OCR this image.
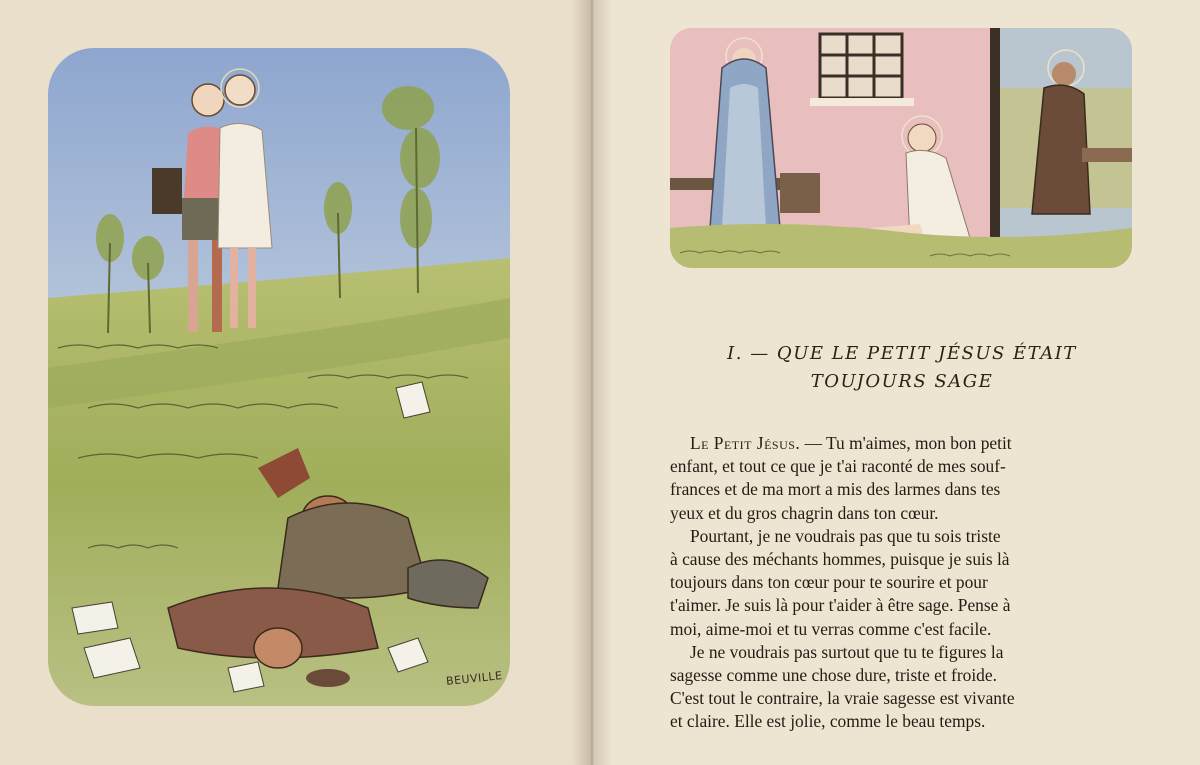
BEUVILLE
I. — QUE LE PETIT JÉSUS ÉTAIT
TOUJOURS SAGE

Le Petit Jésus. — Tu m'aimes, mon bon petit
enfant, et tout ce que je t'ai raconté de mes souf-
frances et de ma mort a mis des larmes dans tes
yeux et du gros chagrin dans ton cœur.

Pourtant, je ne voudrais pas que tu sois triste
à cause des méchants hommes, puisque je suis là
toujours dans ton cœur pour te sourire et pour
t'aimer. Je suis là pour t'aider à être sage. Pense à
moi, aime-moi et tu verras comme c'est facile.

Je ne voudrais pas surtout que tu te figures la
sagesse comme une chose dure, triste et froide.
C'est tout le contraire, la vraie sagesse est vivante
et claire. Elle est jolie, comme le beau temps.
